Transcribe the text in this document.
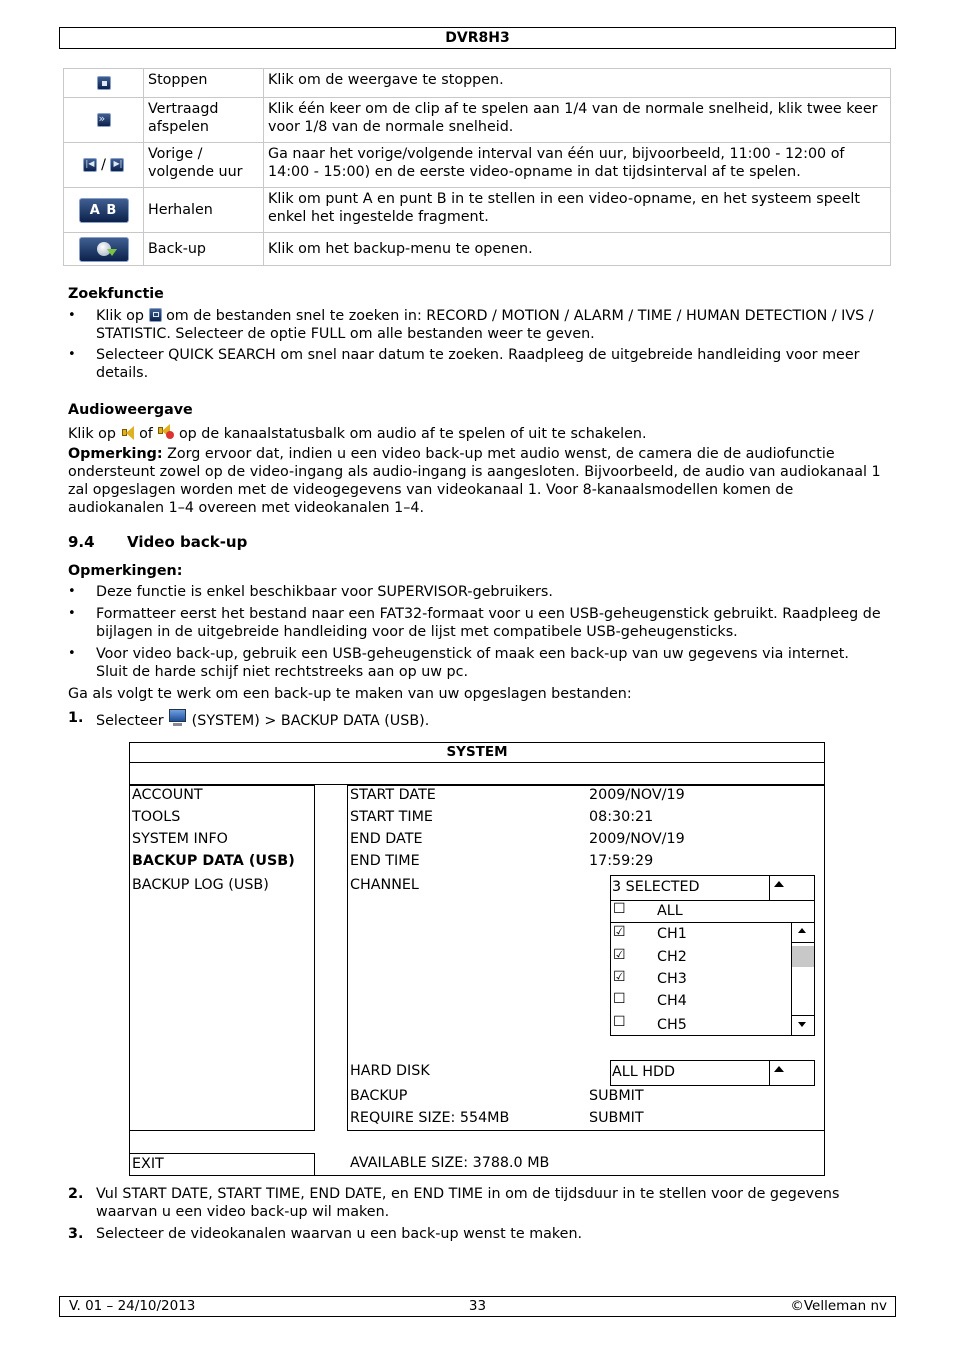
DVR8H3
	Stoppen	Klik om de weergave te stoppen.

»	Vertraagd afspelen	Klik één keer om de clip af te spelen aan 1/4 van de normale snelheid, klik twee keer voor 1/8 van de normale snelheid.

|◀ / ▶|	Vorige / volgende uur	Ga naar het vorige/volgende interval van één uur, bijvoorbeeld, 11:00 - 12:00 of 14:00 - 15:00) en de eerste video-opname in dat tijdsinterval af te spelen.

A B	Herhalen	Klik om punt A en punt B in te stellen in een video-opname, en het systeem speelt enkel het ingestelde fragment.

	Back-up	Klik om het backup-menu te openen.
Zoekfunctie
• Klik op om de bestanden snel te zoeken in: RECORD / MOTION / ALARM / TIME / HUMAN DETECTION / IVS / STATISTIC. Selecteer de optie FULL om alle bestanden weer te geven.
• Selecteer QUICK SEARCH om snel naar datum te zoeken. Raadpleeg de uitgebreide handleiding voor meer details.
Audioweergave
Klik op of op de kanaalstatusbalk om audio af te spelen of uit te schakelen.
Opmerking: Zorg ervoor dat, indien u een video back-up met audio wenst, de camera die de audiofunctie ondersteunt zowel op de video-ingang als audio-ingang is aangesloten. Bijvoorbeeld, de audio van audiokanaal 1 zal opgeslagen worden met de videogegevens van videokanaal 1. Voor 8-kanaalsmodellen komen de audiokanalen 1–4 overeen met videokanalen 1–4.
9.4 Video back-up
Opmerkingen:
• Deze functie is enkel beschikbaar voor SUPERVISOR-gebruikers.
• Formatteer eerst het bestand naar een FAT32-formaat voor u een USB-geheugenstick gebruikt. Raadpleeg de bijlagen in de uitgebreide handleiding voor de lijst met compatibele USB-geheugensticks.
• Voor video back-up, gebruik een USB-geheugenstick of maak een back-up van uw gegevens via internet. Sluit de harde schijf niet rechtstreeks aan op uw pc.
Ga als volgt te werk om een back-up te maken van uw opgeslagen bestanden:
1. Selecteer (SYSTEM) > BACKUP DATA (USB).
SYSTEM
ACCOUNT
TOOLS
SYSTEM INFO
BACKUP DATA (USB)
BACKUP LOG (USB)
START DATE	2009/NOV/19
START TIME	08:30:21
END DATE	2009/NOV/19
END TIME	17:59:29
CHANNEL	3 SELECTED
☐ ALL
☑ CH1
☑ CH2
☑ CH3
☐ CH4
☐ CH5
HARD DISK	ALL HDD
BACKUP	SUBMIT
REQUIRE SIZE: 554MB	SUBMIT
EXIT	AVAILABLE SIZE: 3788.0 MB
2. Vul START DATE, START TIME, END DATE, en END TIME in om de tijdsduur in te stellen voor de gegevens waarvan u een video back-up wil maken.
3. Selecteer de videokanalen waarvan u een back-up wenst te maken.
V. 01 – 24/10/2013	33	©Velleman nv
